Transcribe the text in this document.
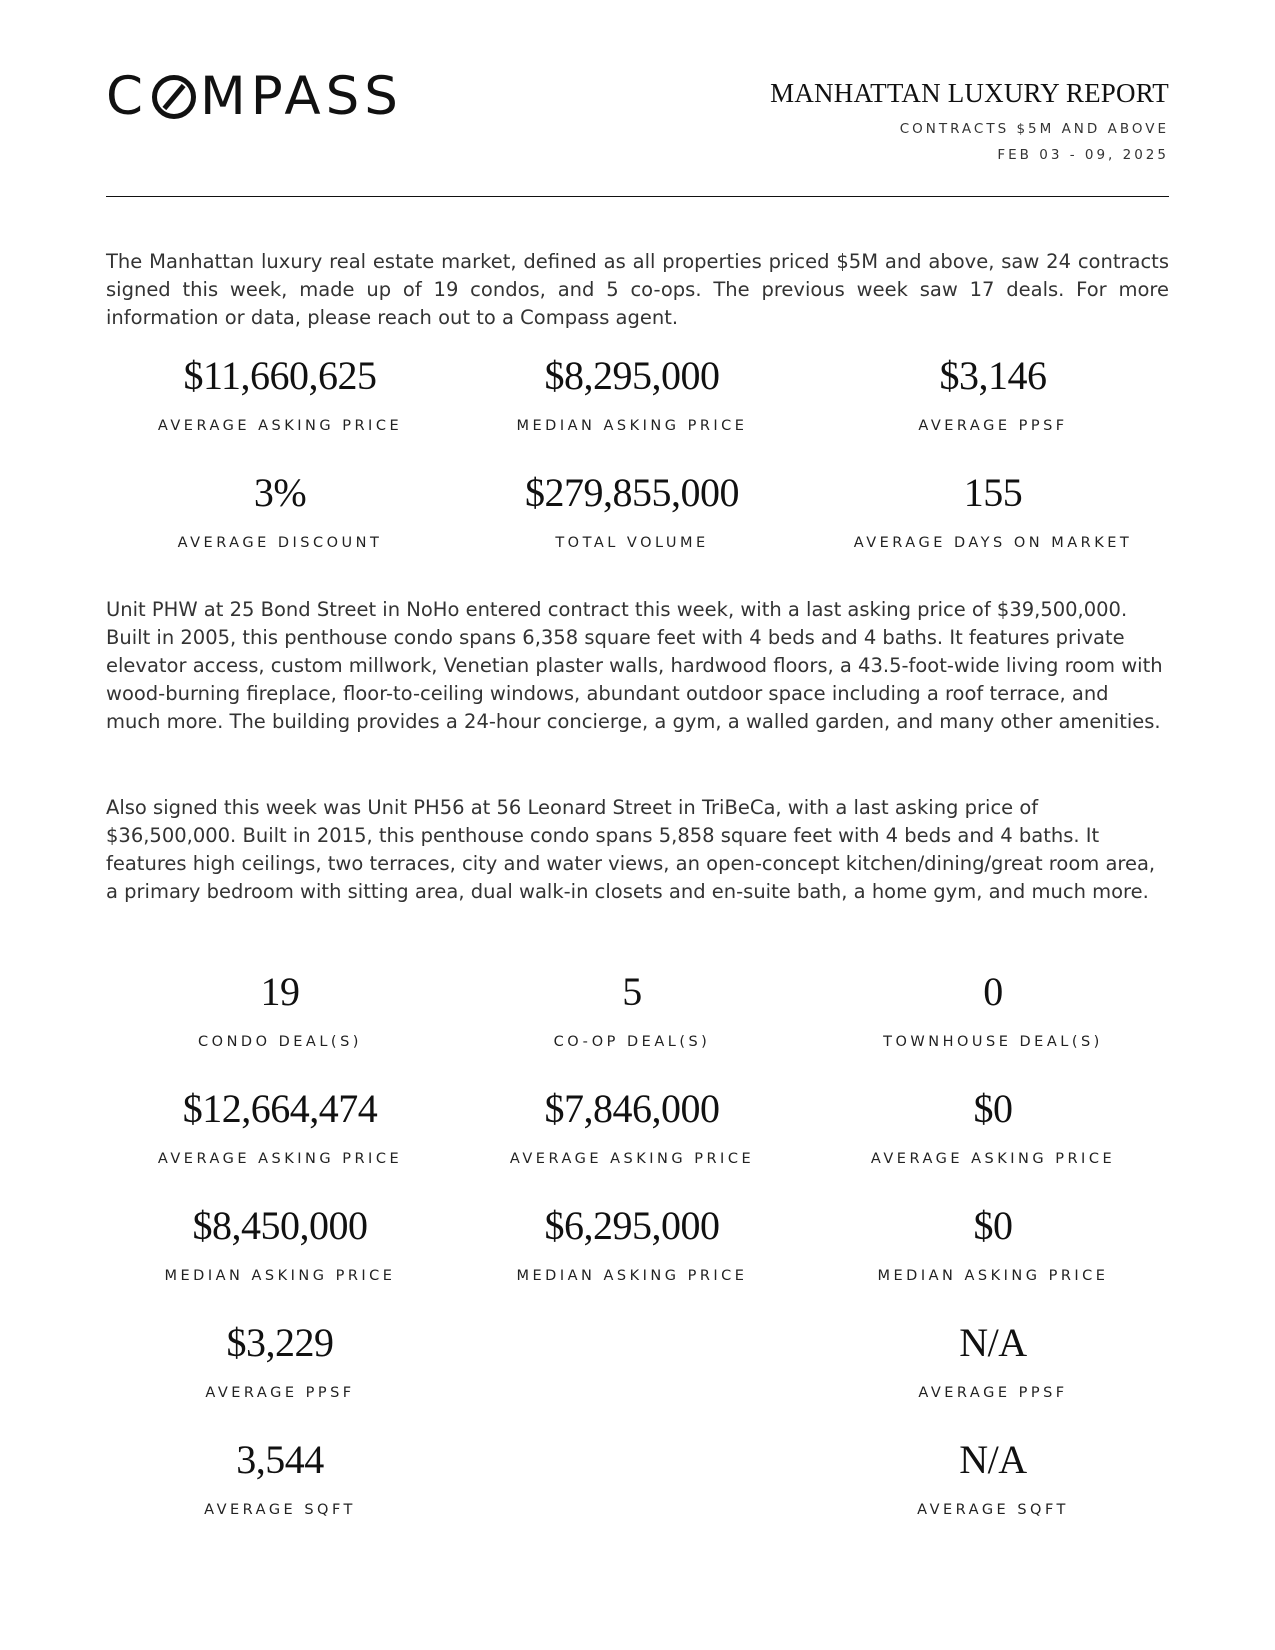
C MPASS	MANHATTAN LUXURY REPORT
CONTRACTS $5M AND ABOVE
FEB 03 - 09, 2025

The Manhattan luxury real estate market, defined as all properties priced $5M and above, saw 24 contracts signed this week, made up of 19 condos, and 5 co-ops. The previous week saw 17 deals. For more information or data, please reach out to a Compass agent.

$11,660,625
AVERAGE ASKING PRICE
$8,295,000
MEDIAN ASKING PRICE
$3,146
AVERAGE PPSF
3%
AVERAGE DISCOUNT
$279,855,000
TOTAL VOLUME
155
AVERAGE DAYS ON MARKET

Unit PHW at 25 Bond Street in NoHo entered contract this week, with a last asking price of $39,500,000. Built in 2005, this penthouse condo spans 6,358 square feet with 4 beds and 4 baths. It features private elevator access, custom millwork, Venetian plaster walls, hardwood floors, a 43.5-foot-wide living room with wood-burning fireplace, floor-to-ceiling windows, abundant outdoor space including a roof terrace, and much more. The building provides a 24-hour concierge, a gym, a walled garden, and many other amenities.

Also signed this week was Unit PH56 at 56 Leonard Street in TriBeCa, with a last asking price of $36,500,000. Built in 2015, this penthouse condo spans 5,858 square feet with 4 beds and 4 baths. It features high ceilings, two terraces, city and water views, an open-concept kitchen/dining/great room area, a primary bedroom with sitting area, dual walk-in closets and en-suite bath, a home gym, and much more.

19
CONDO DEAL(S)
$12,664,474
AVERAGE ASKING PRICE
$8,450,000
MEDIAN ASKING PRICE
$3,229
AVERAGE PPSF
3,544
AVERAGE SQFT
5
CO-OP DEAL(S)
$7,846,000
AVERAGE ASKING PRICE
$6,295,000
MEDIAN ASKING PRICE
0
TOWNHOUSE DEAL(S)
$0
AVERAGE ASKING PRICE
$0
MEDIAN ASKING PRICE
N/A
AVERAGE PPSF
N/A
AVERAGE SQFT
